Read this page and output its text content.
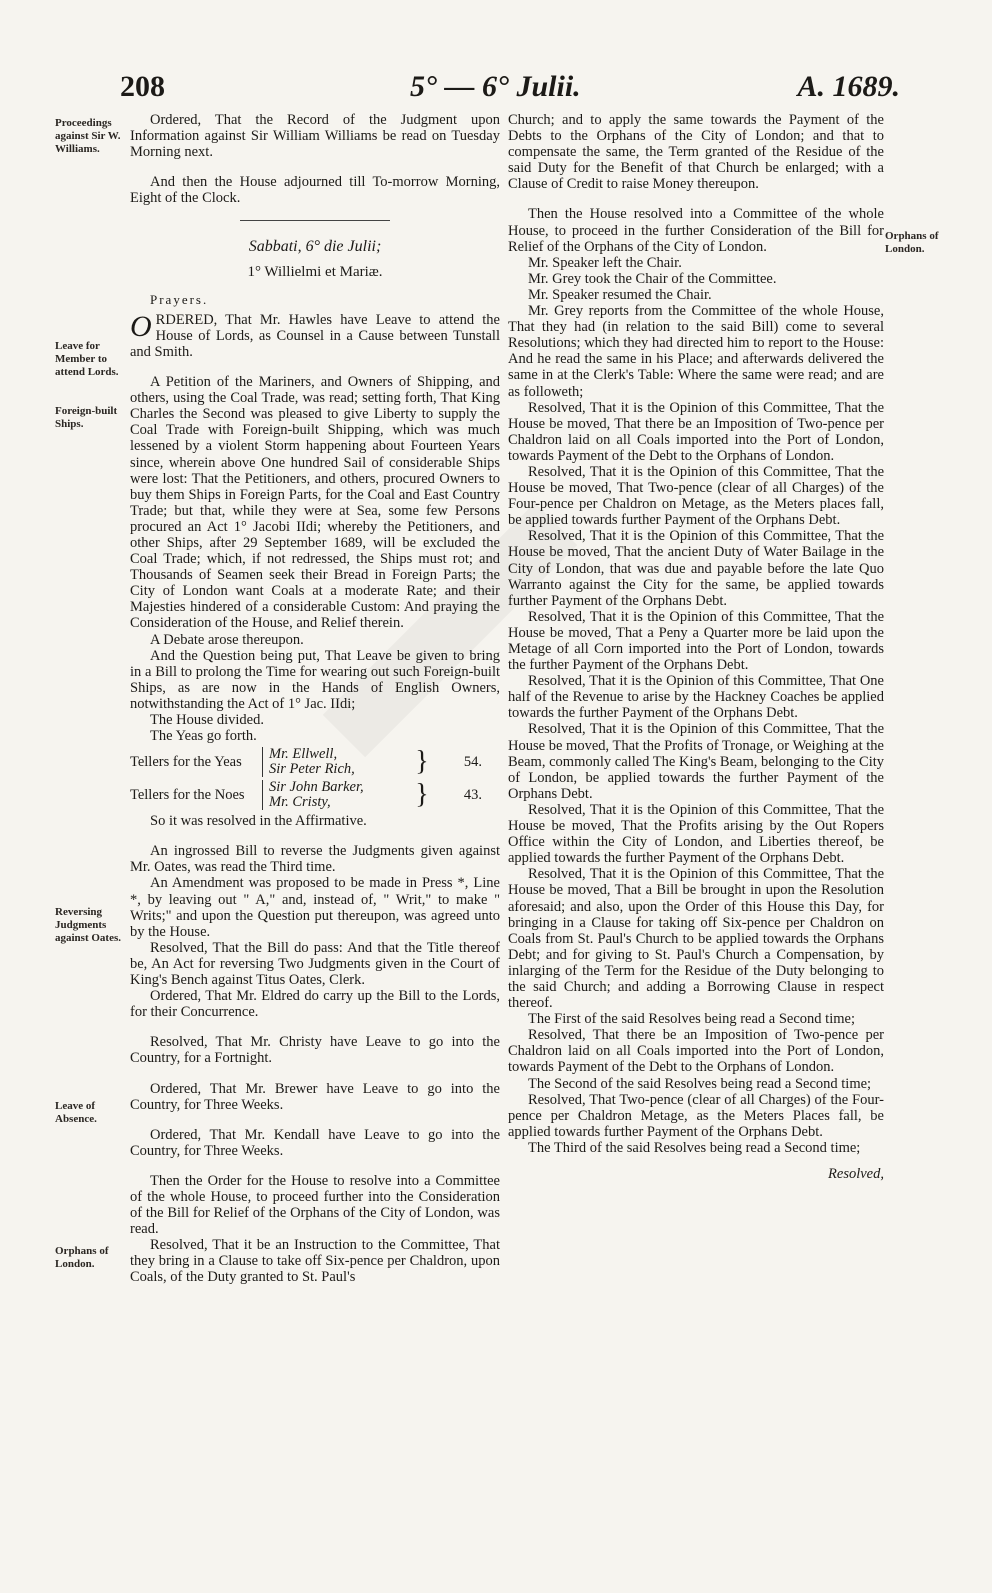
208	5° — 6° Julii.	A. 1689.
Proceedings against Sir W. Williams.
Leave for Member to attend Lords.
Foreign-built Ships.
Reversing Judgments against Oates.
Leave of Absence.
Orphans of London.
Orphans of London.

Ordered, That the Record of the Judgment upon Information against Sir William Williams be read on Tuesday Morning next.

And then the House adjourned till To-morrow Morning, Eight of the Clock.

Sabbati, 6° die Julii;
1° Willielmi et Mariæ.
Prayers.

ORDERED, That Mr. Hawles have Leave to attend the House of Lords, as Counsel in a Cause between Tunstall and Smith.

A Petition of the Mariners, and Owners of Shipping, and others, using the Coal Trade, was read; setting forth, That King Charles the Second was pleased to give Liberty to supply the Coal Trade with Foreign-built Shipping, which was much lessened by a violent Storm happening about Fourteen Years since, wherein above One hundred Sail of considerable Ships were lost: That the Petitioners, and others, procured Owners to buy them Ships in Foreign Parts, for the Coal and East Country Trade; but that, while they were at Sea, some few Persons procured an Act 1° Jacobi IIdi; whereby the Petitioners, and other Ships, after 29 September 1689, will be excluded the Coal Trade; which, if not redressed, the Ships must rot; and Thousands of Seamen seek their Bread in Foreign Parts; the City of London want Coals at a moderate Rate; and their Majesties hindered of a considerable Custom: And praying the Consideration of the House, and Relief therein.

A Debate arose thereupon.

And the Question being put, That Leave be given to bring in a Bill to prolong the Time for wearing out such Foreign-built Ships, as are now in the Hands of English Owners, notwithstanding the Act of 1° Jac. IIdi;

The House divided.

The Yeas go forth.

Tellers for the Yeas	Mr. Ellwell,
Sir Peter Rich,	}	54.
Tellers for the Noes	Sir John Barker,
Mr. Cristy,	}	43.

So it was resolved in the Affirmative.

An ingrossed Bill to reverse the Judgments given against Mr. Oates, was read the Third time.

An Amendment was proposed to be made in Press *, Line *, by leaving out " A," and, instead of, " Writ," to make " Writs;" and upon the Question put thereupon, was agreed unto by the House.

Resolved, That the Bill do pass: And that the Title thereof be, An Act for reversing Two Judgments given in the Court of King's Bench against Titus Oates, Clerk.

Ordered, That Mr. Eldred do carry up the Bill to the Lords, for their Concurrence.

Resolved, That Mr. Christy have Leave to go into the Country, for a Fortnight.

Ordered, That Mr. Brewer have Leave to go into the Country, for Three Weeks.

Ordered, That Mr. Kendall have Leave to go into the Country, for Three Weeks.

Then the Order for the House to resolve into a Committee of the whole House, to proceed further into the Consideration of the Bill for Relief of the Orphans of the City of London, was read.

Resolved, That it be an Instruction to the Committee, That they bring in a Clause to take off Six-pence per Chaldron, upon Coals, of the Duty granted to St. Paul's

Church; and to apply the same towards the Payment of the Debts to the Orphans of the City of London; and that to compensate the same, the Term granted of the Residue of the said Duty for the Benefit of that Church be enlarged; with a Clause of Credit to raise Money thereupon.

Then the House resolved into a Committee of the whole House, to proceed in the further Consideration of the Bill for Relief of the Orphans of the City of London.

Mr. Speaker left the Chair.

Mr. Grey took the Chair of the Committee.

Mr. Speaker resumed the Chair.

Mr. Grey reports from the Committee of the whole House, That they had (in relation to the said Bill) come to several Resolutions; which they had directed him to report to the House: And he read the same in his Place; and afterwards delivered the same in at the Clerk's Table: Where the same were read; and are as followeth;

Resolved, That it is the Opinion of this Committee, That the House be moved, That there be an Imposition of Two-pence per Chaldron laid on all Coals imported into the Port of London, towards Payment of the Debt to the Orphans of London.

Resolved, That it is the Opinion of this Committee, That the House be moved, That Two-pence (clear of all Charges) of the Four-pence per Chaldron on Metage, as the Meters places fall, be applied towards further Payment of the Orphans Debt.

Resolved, That it is the Opinion of this Committee, That the House be moved, That the ancient Duty of Water Bailage in the City of London, that was due and payable before the late Quo Warranto against the City for the same, be applied towards further Payment of the Orphans Debt.

Resolved, That it is the Opinion of this Committee, That the House be moved, That a Peny a Quarter more be laid upon the Metage of all Corn imported into the Port of London, towards the further Payment of the Orphans Debt.

Resolved, That it is the Opinion of this Committee, That One half of the Revenue to arise by the Hackney Coaches be applied towards the further Payment of the Orphans Debt.

Resolved, That it is the Opinion of this Committee, That the House be moved, That the Profits of Tronage, or Weighing at the Beam, commonly called The King's Beam, belonging to the City of London, be applied towards the further Payment of the Orphans Debt.

Resolved, That it is the Opinion of this Committee, That the House be moved, That the Profits arising by the Out Ropers Office within the City of London, and Liberties thereof, be applied towards the further Payment of the Orphans Debt.

Resolved, That it is the Opinion of this Committee, That the House be moved, That a Bill be brought in upon the Resolution aforesaid; and also, upon the Order of this House this Day, for bringing in a Clause for taking off Six-pence per Chaldron on Coals from St. Paul's Church to be applied towards the Orphans Debt; and for giving to St. Paul's Church a Compensation, by inlarging of the Term for the Residue of the Duty belonging to the said Church; and adding a Borrowing Clause in respect thereof.

The First of the said Resolves being read a Second time;

Resolved, That there be an Imposition of Two-pence per Chaldron laid on all Coals imported into the Port of London, towards Payment of the Debt to the Orphans of London.

The Second of the said Resolves being read a Second time;

Resolved, That Two-pence (clear of all Charges) of the Four-pence per Chaldron Metage, as the Meters Places fall, be applied towards further Payment of the Orphans Debt.

The Third of the said Resolves being read a Second time;

Resolved,
